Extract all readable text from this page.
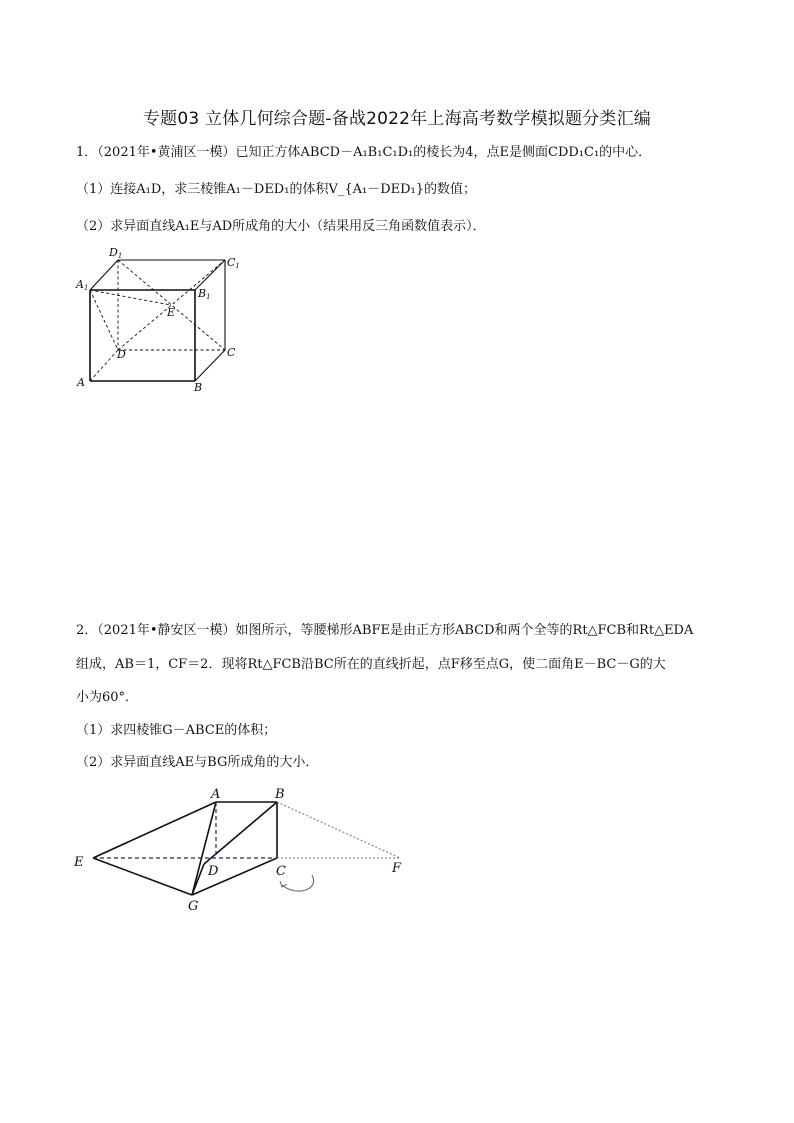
专题03 立体几何综合题-备战2022年上海高考数学模拟题分类汇编
1．（2021年•黄浦区一模）已知正方体ABCD－A₁B₁C₁D₁的棱长为4，点E是侧面CDD₁C₁的中心．
（1）连接A₁D，求三棱锥A₁－DED₁的体积V_{A₁－DED₁}的数值；
（2）求异面直线A₁E与AD所成角的大小（结果用反三角函数值表示）．
A	B
C
D
A1	B1
C1
D1
E
2．（2021年•静安区一模）如图所示，等腰梯形ABFE是由正方形ABCD和两个全等的Rt△FCB和Rt△EDA
组成，AB＝1，CF＝2．现将Rt△FCB沿BC所在的直线折起，点F移至点G，使二面角E－BC－G的大
小为60°．
（1）求四棱锥G－ABCE的体积；
（2）求异面直线AE与BG所成角的大小．
A	B
C
D
E	F
G
